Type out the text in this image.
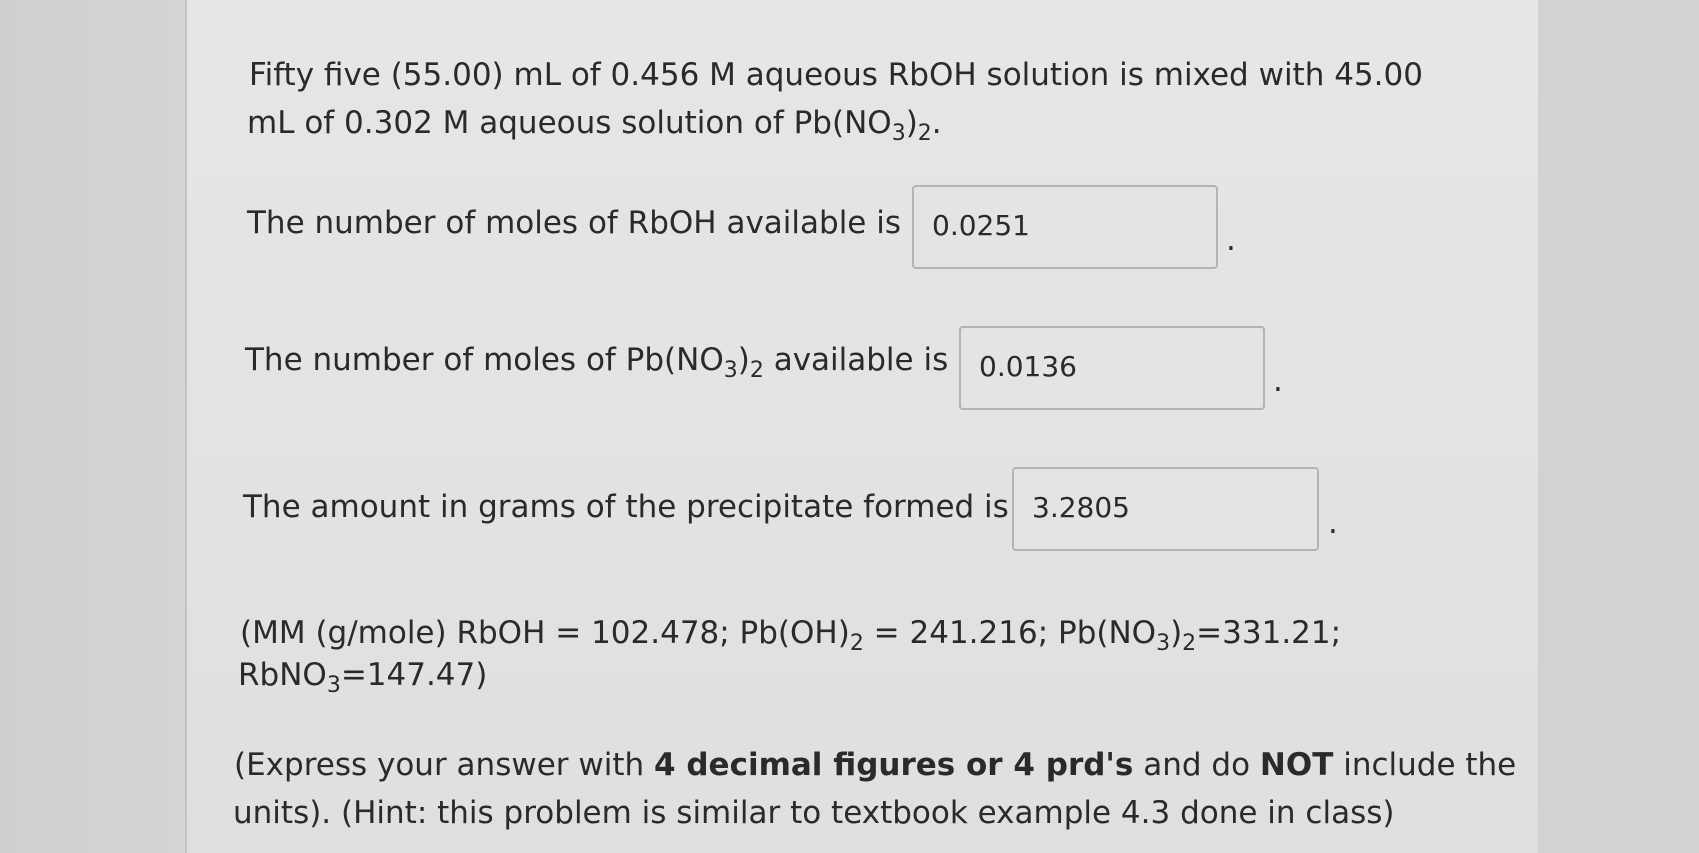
Fifty five (55.00) mL of 0.456 M aqueous RbOH solution is mixed with 45.00
mL of 0.302 M aqueous solution of $Pb(NO_3)_2$.
The number of moles of RbOH available is	0.0251	.
The number of moles of $Pb(NO_3)_2$ available is	0.0136	.
The amount in grams of the precipitate formed is 3.2805	.
(MM (g/mole) RbOH = 102.478; $Pb(OH)_2 = 241.216$; $Pb(NO_3)_2=331.21$;
RbNO$_3$=147.47)
(Express your answer with 4 decimal figures or 4 prd's and do NOT include the
units). (Hint: this problem is similar to textbook example 4.3 done in class)
